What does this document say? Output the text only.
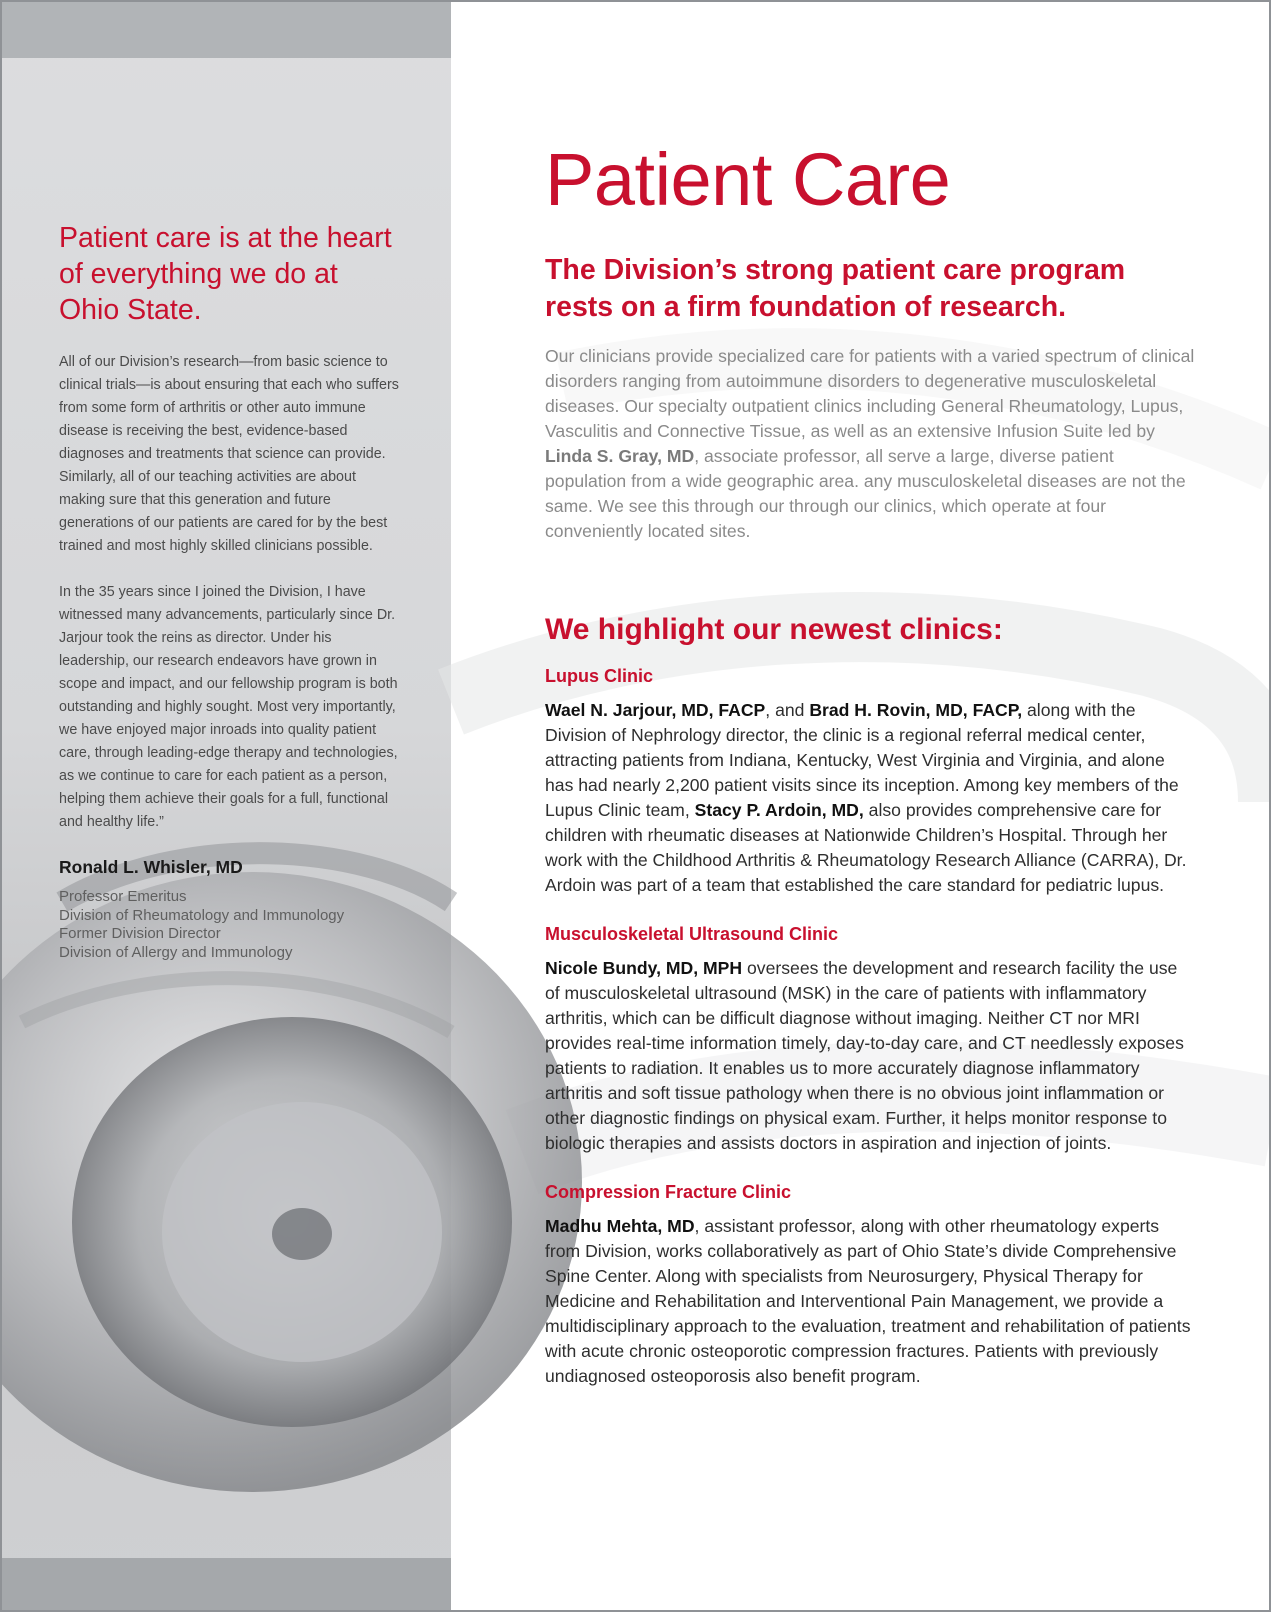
Patient care is at the heart of everything we do at Ohio State.

All of our Division’s research—from basic science to clinical trials—is about ensuring that each who suffers from some form of arthritis or other auto immune disease is receiving the best, evidence-based diagnoses and treatments that science can provide. Similarly, all of our teaching activities are about making sure that this generation and future generations of our patients are cared for by the best trained and most highly skilled clinicians possible.

In the 35 years since I joined the Division, I have witnessed many advancements, particularly since Dr. Jarjour took the reins as director. Under his leadership, our research endeavors have grown in scope and impact, and our fellowship program is both outstanding and highly sought. Most very importantly, we have enjoyed major inroads into quality patient care, through leading-edge therapy and technologies, as we continue to care for each patient as a person, helping them achieve their goals for a full, functional and healthy life.”

Ronald L. Whisler, MD
Professor Emeritus
Division of Rheumatology and Immunology
Former Division Director
Division of Allergy and Immunology
Patient Care
The Division’s strong patient care program rests on a firm foundation of research.

Our clinicians provide specialized care for patients with a varied spectrum of clinical disorders ranging from autoimmune disorders to degenerative musculoskeletal diseases. Our specialty outpatient clinics including General Rheumatology, Lupus, Vasculitis and Connective Tissue, as well as an extensive Infusion Suite led by Linda S. Gray, MD, associate professor, all serve a large, diverse patient population from a wide geographic area. any musculoskeletal diseases are not the same. We see this through our through our clinics, which operate at four conveniently located sites.

We highlight our newest clinics:
Lupus Clinic

Wael N. Jarjour, MD, FACP, and Brad H. Rovin, MD, FACP, along with the Division of Nephrology director, the clinic is a regional referral medical center, attracting patients from Indiana, Kentucky, West Virginia and Virginia, and alone has had nearly 2,200 patient visits since its inception. Among key members of the Lupus Clinic team, Stacy P. Ardoin, MD, also provides comprehensive care for children with rheumatic diseases at Nationwide Children’s Hospital. Through her work with the Childhood Arthritis & Rheumatology Research Alliance (CARRA), Dr. Ardoin was part of a team that established the care standard for pediatric lupus.

Musculoskeletal Ultrasound Clinic

Nicole Bundy, MD, MPH oversees the development and research facility the use of musculoskeletal ultrasound (MSK) in the care of patients with inflammatory arthritis, which can be difficult diagnose without imaging. Neither CT nor MRI provides real-time information timely, day-to-day care, and CT needlessly exposes patients to radiation. It enables us to more accurately diagnose inflammatory arthritis and soft tissue pathology when there is no obvious joint inflammation or other diagnostic findings on physical exam. Further, it helps monitor response to biologic therapies and assists doctors in aspiration and injection of joints.

Compression Fracture Clinic

Madhu Mehta, MD, assistant professor, along with other rheumatology experts from Division, works collaboratively as part of Ohio State’s divide Comprehensive Spine Center. Along with specialists from Neurosurgery, Physical Therapy for Medicine and Rehabilitation and Interventional Pain Management, we provide a multidisciplinary approach to the evaluation, treatment and rehabilitation of patients with acute chronic osteoporotic compression fractures. Patients with previously undiagnosed osteoporosis also benefit program.
